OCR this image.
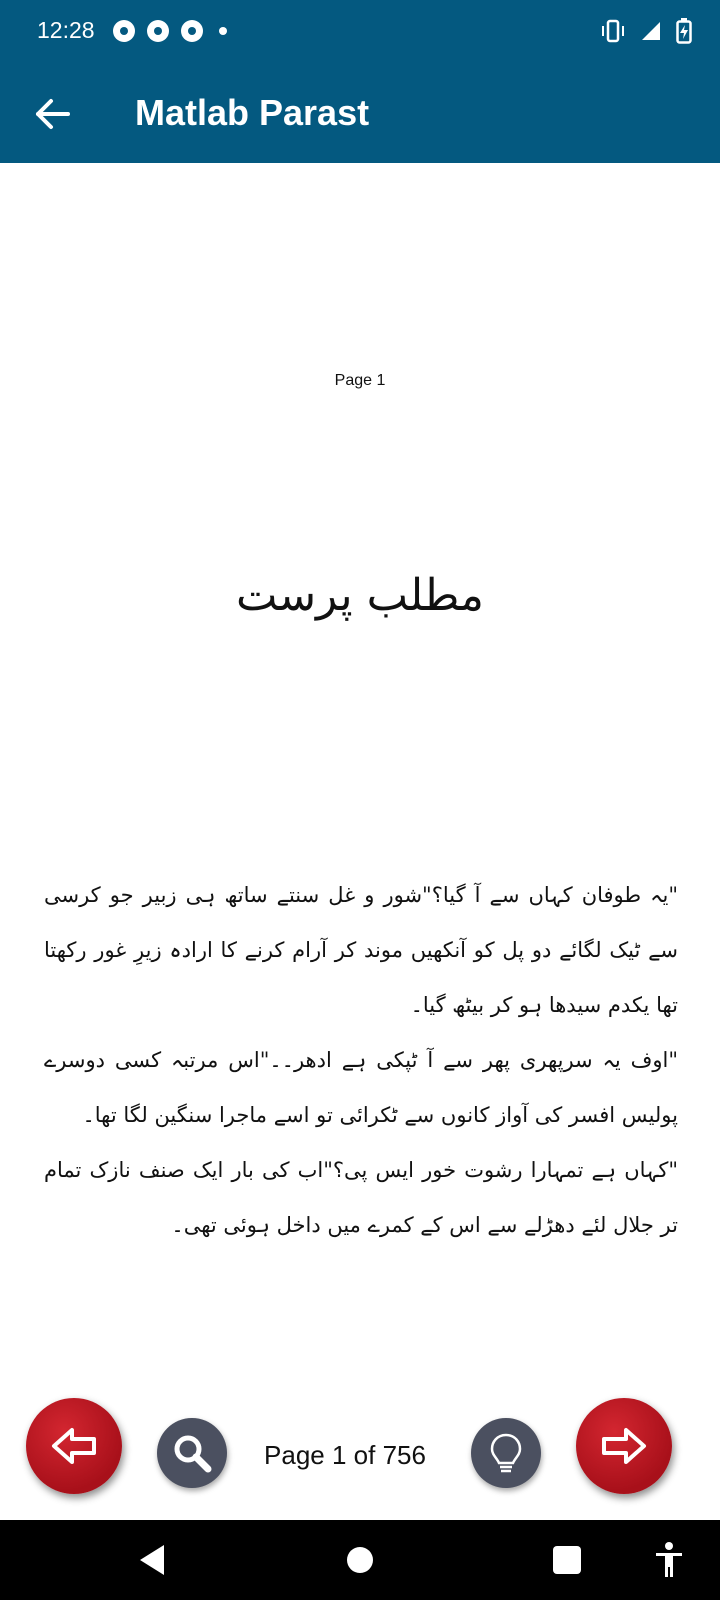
12:28
Matlab Parast
Page 1
مطلب پرست

"یہ طوفان کہاں سے آ گیا؟"شور و غل سنتے ساتھ ہی زبیر جو کرسی سے ٹیک لگائے دو پل کو آنکھیں موند کر آرام کرنے کا ارادہ زیرِ غور رکھتا تھا یکدم سیدھا ہو کر بیٹھ گیا۔

"اوف یہ سرپھری پھر سے آ ٹپکی ہے ادھر۔۔"اس مرتبہ کسی دوسرے پولیس افسر کی آواز کانوں سے ٹکرائی تو اسے ماجرا سنگین لگا تھا۔

"کہاں ہے تمہارا رشوت خور ایس پی؟"اب کی بار ایک صنف نازک تمام تر جلال لئے دھڑلے سے اس کے کمرے میں داخل ہوئی تھی۔

Page 1 of 756
